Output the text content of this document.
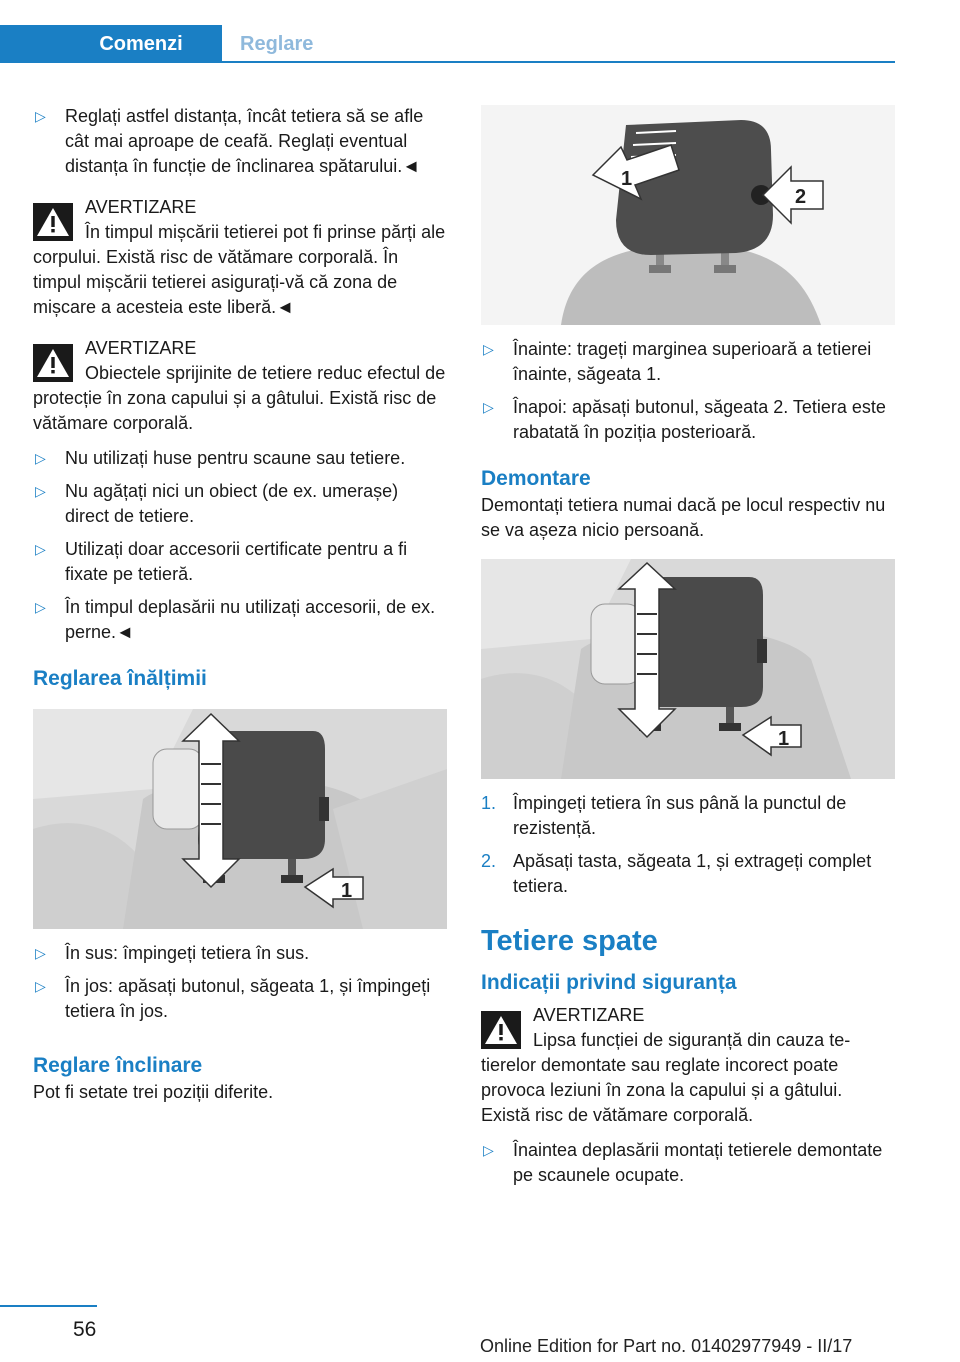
Comenzi	Reglare
▷ Reglați astfel distanța, încât tetiera să se afle cât mai aproape de ceafă. Reglați eventual distanța în funcție de înclinarea spătarului.◄
AVERTIZARE

În timpul mișcării tetierei pot fi prinse părți ale corpului. Există risc de vătămare corporală. În timpul mișcării tetierei asigurați-vă că zona de mișcare a acesteia este liberă.◄

AVERTIZARE

Obiectele sprijinite de tetiere reduc efectul de protecție în zona capului și a gâtului. Există risc de vătămare corporală.

▷ Nu utilizați huse pentru scaune sau tetiere.
▷ Nu agățați nici un obiect (de ex. umerașe) direct de tetiere.
▷ Utilizați doar accesorii certificate pentru a fi fixate pe tetieră.
▷ În timpul deplasării nu utilizați accesorii, de ex. perne.◄
Reglarea înălțimii
1
▷ În sus: împingeți tetiera în sus.
▷ În jos: apăsați butonul, săgeata 1, și împingeți tetiera în jos.
Reglare înclinare

Pot fi setate trei poziții diferite.

1
2
▷ Înainte: trageți marginea superioară a tetierei înainte, săgeata 1.
▷ Înapoi: apăsați butonul, săgeata 2. Tetiera este rabatată în poziția posterioară.
Demontare

Demontați tetiera numai dacă pe locul respectiv nu se va așeza nicio persoană.

1
1. Împingeți tetiera în sus până la punctul de rezistență.
2. Apăsați tasta, săgeata 1, și extrageți complet tetiera.
Tetiere spate
Indicații privind siguranța
AVERTIZARE

Lipsa funcției de siguranță din cauza tetierelor demontate sau reglate incorect poate provoca leziuni în zona la capului și a gâtului. Există risc de vătămare corporală.

▷ Înaintea deplasării montați tetierele demontate pe scaunele ocupate.
56
Online Edition for Part no. 01402977949 - II/17
